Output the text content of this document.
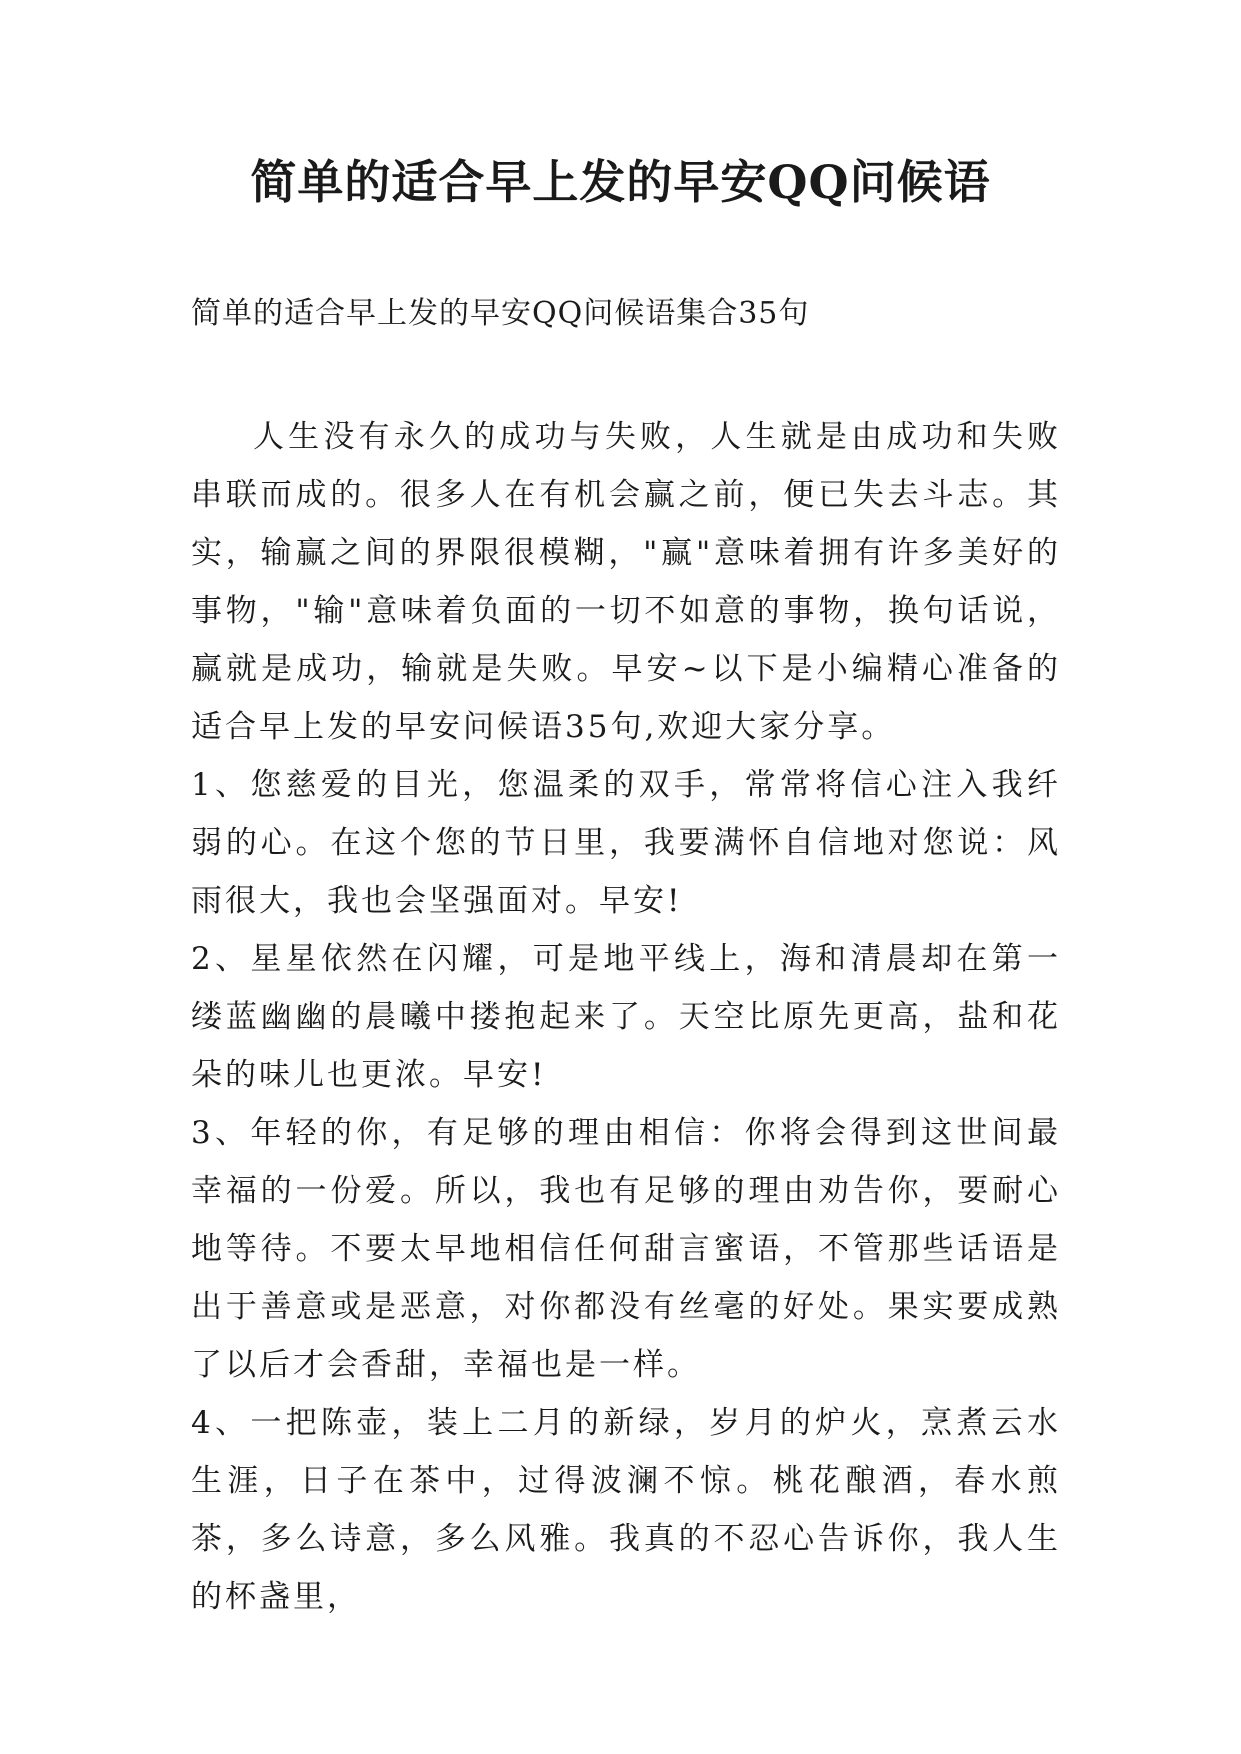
简单的适合早上发的早安QQ问候语
简单的适合早上发的早安QQ问候语集合35句

人生没有永久的成功与失败，人生就是由成功和失败串联而成的。很多人在有机会赢之前，便已失去斗志。其实，输赢之间的界限很模糊，"赢"意味着拥有许多美好的事物，"输"意味着负面的一切不如意的事物，换句话说，赢就是成功，输就是失败。早安~以下是小编精心准备的适合早上发的早安问候语35句,欢迎大家分享。

1、您慈爱的目光，您温柔的双手，常常将信心注入我纤弱的心。在这个您的节日里，我要满怀自信地对您说：风雨很大，我也会坚强面对。早安!

2、星星依然在闪耀，可是地平线上，海和清晨却在第一缕蓝幽幽的晨曦中搂抱起来了。天空比原先更高，盐和花朵的味儿也更浓。早安!

3、年轻的你，有足够的理由相信：你将会得到这世间最幸福的一份爱。所以，我也有足够的理由劝告你，要耐心地等待。不要太早地相信任何甜言蜜语，不管那些话语是出于善意或是恶意，对你都没有丝毫的好处。果实要成熟了以后才会香甜，幸福也是一样。

4、一把陈壶，装上二月的新绿，岁月的炉火，烹煮云水生涯，日子在茶中，过得波澜不惊。桃花酿酒，春水煎茶，多么诗意，多么风雅。我真的不忍心告诉你，我人生的杯盏里，
